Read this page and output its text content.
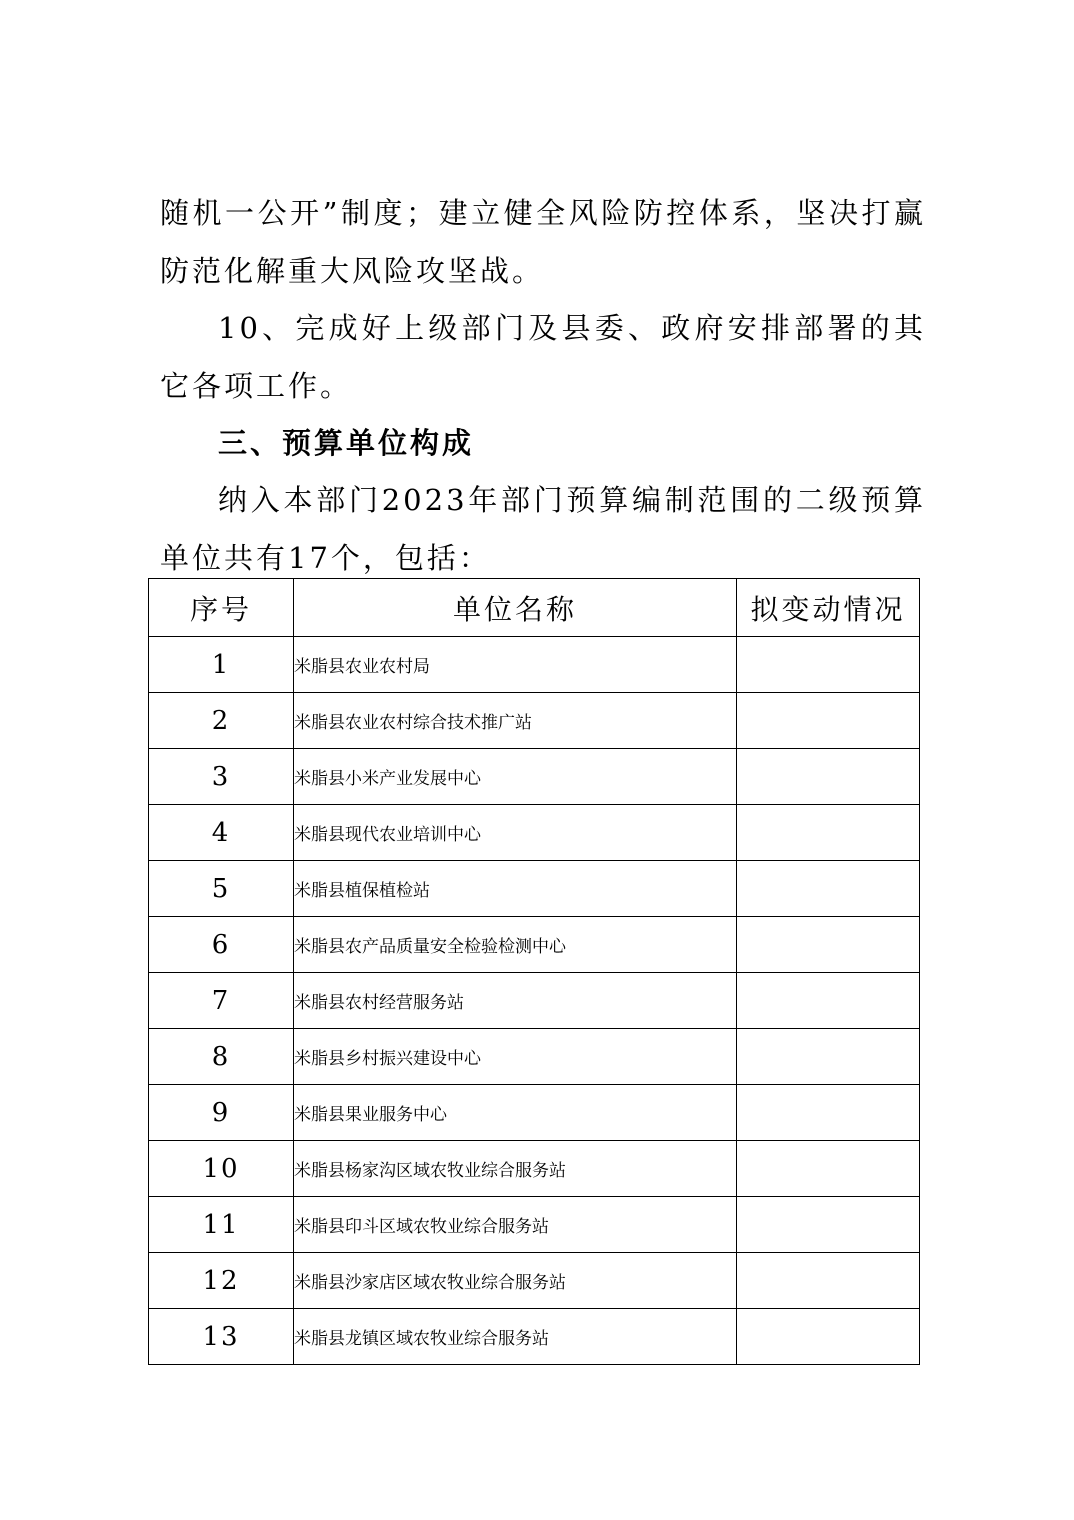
随机一公开”制度；建立健全风险防控体系，坚决打赢防范化解重大风险攻坚战。

10、完成好上级部门及县委、政府安排部署的其它各项工作。

三、预算单位构成

纳入本部门2023年部门预算编制范围的二级预算单位共有17个，包括：

序号	单位名称	拟变动情况
1	米脂县农业农村局	
2	米脂县农业农村综合技术推广站	
3	米脂县小米产业发展中心	
4	米脂县现代农业培训中心	
5	米脂县植保植检站	
6	米脂县农产品质量安全检验检测中心	
7	米脂县农村经营服务站	
8	米脂县乡村振兴建设中心	
9	米脂县果业服务中心	
10	米脂县杨家沟区域农牧业综合服务站	
11	米脂县印斗区域农牧业综合服务站	
12	米脂县沙家店区域农牧业综合服务站	
13	米脂县龙镇区域农牧业综合服务站	
